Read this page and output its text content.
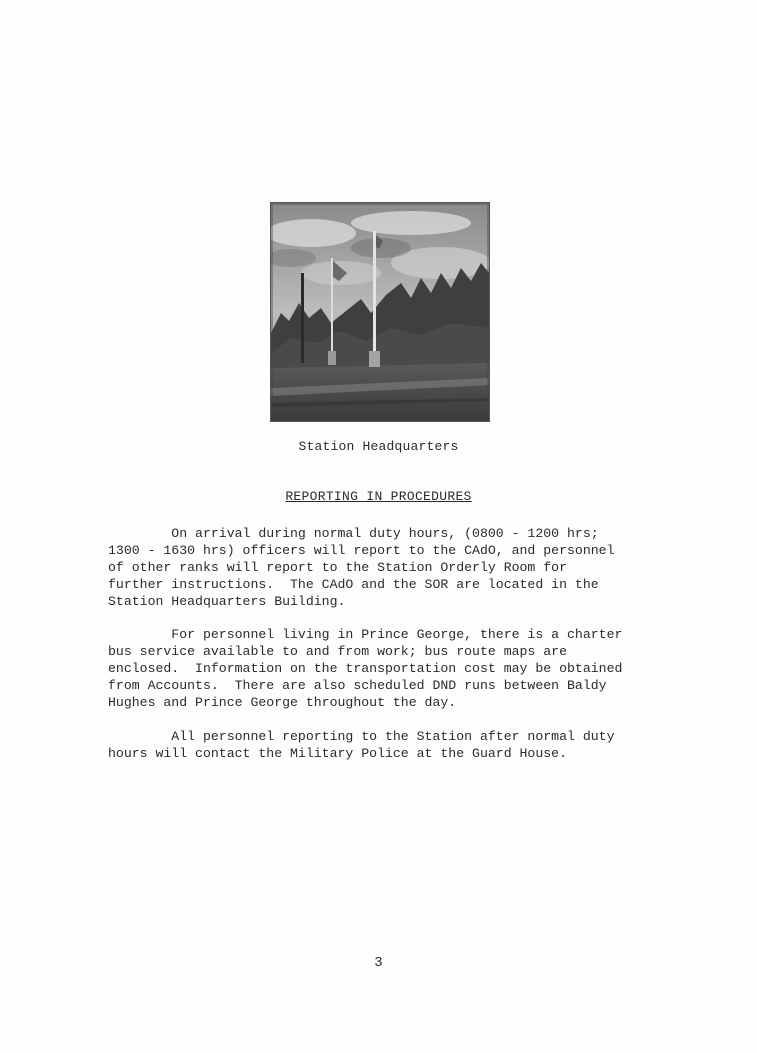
Station Headquarters
REPORTING IN PROCEDURES
On arrival during normal duty hours, (0800 - 1200 hrs;
1300 - 1630 hrs) officers will report to the CAdO, and personnel
of other ranks will report to the Station Orderly Room for
further instructions.  The CAdO and the SOR are located in the
Station Headquarters Building.
For personnel living in Prince George, there is a charter
bus service available to and from work; bus route maps are
enclosed.  Information on the transportation cost may be obtained
from Accounts.  There are also scheduled DND runs between Baldy
Hughes and Prince George throughout the day.
All personnel reporting to the Station after normal duty
hours will contact the Military Police at the Guard House.
3
